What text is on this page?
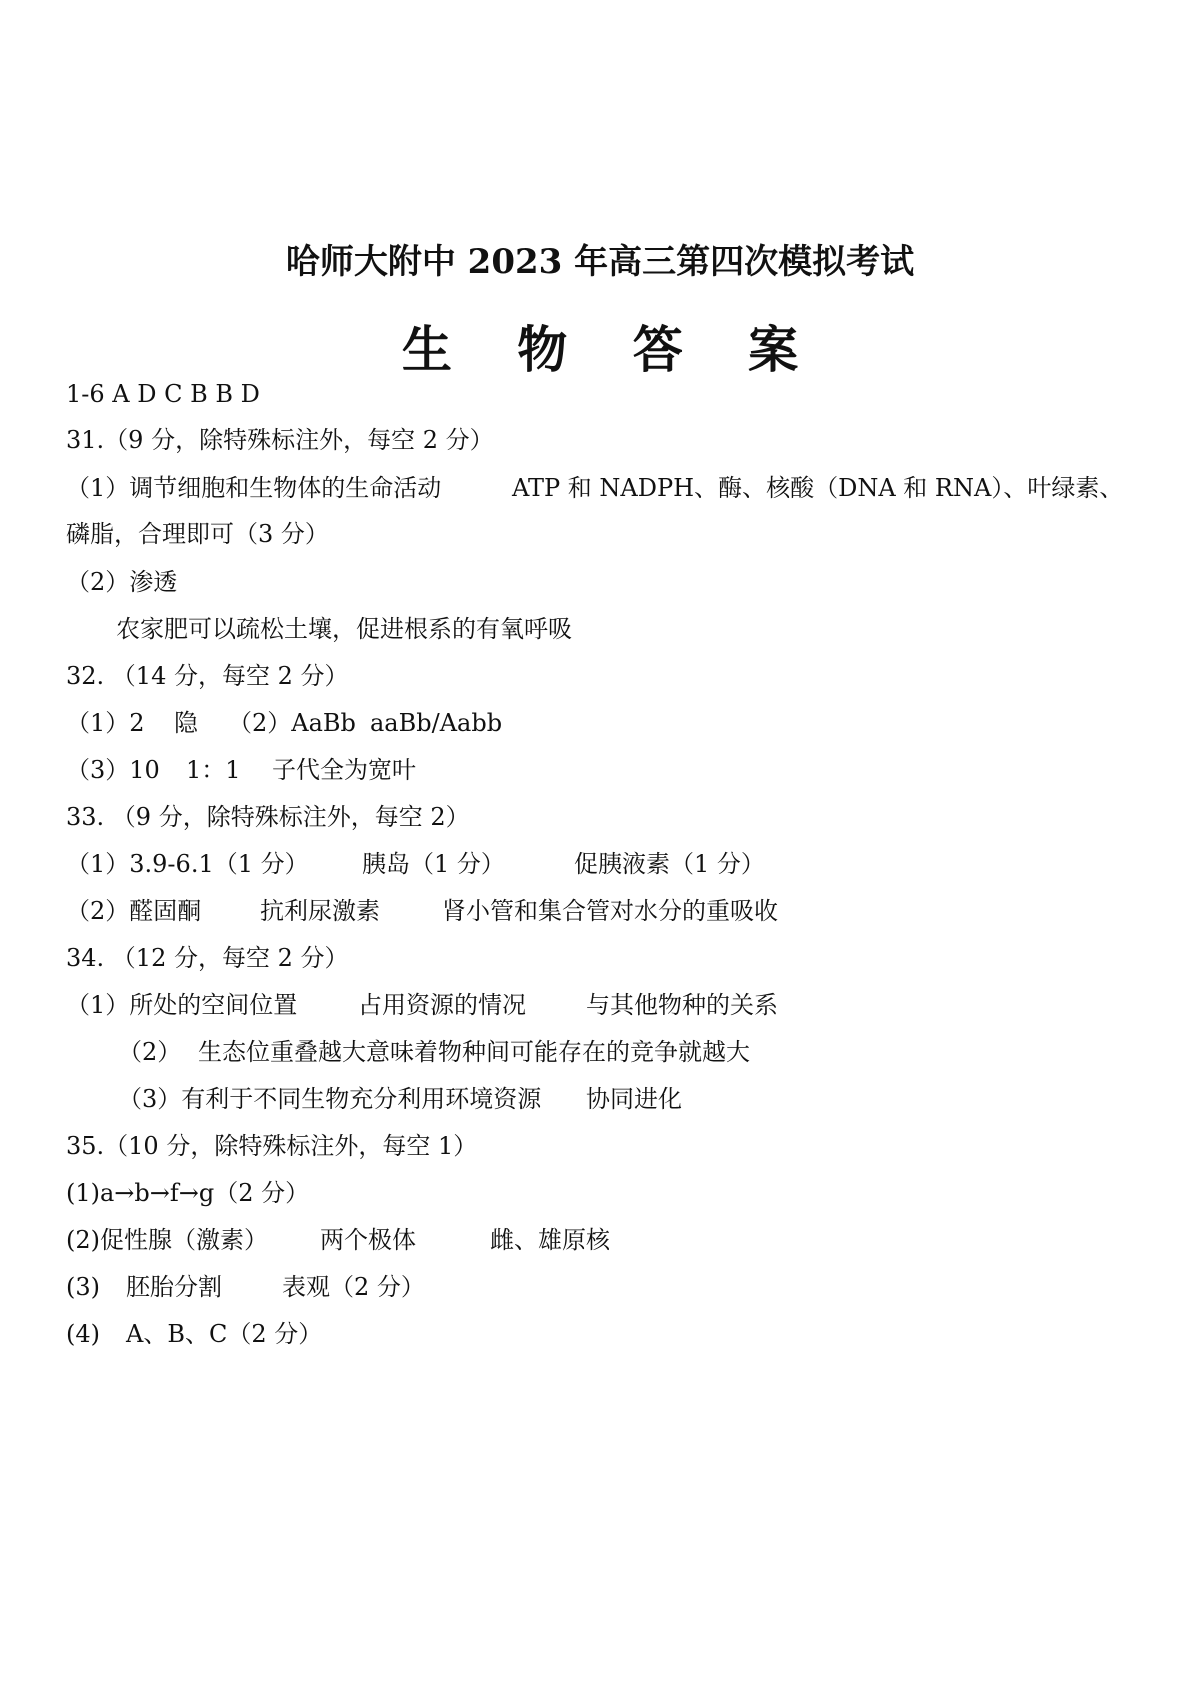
哈师大附中 2023 年高三第四次模拟考试
生 物 答 案
1-6 A D C B B D
31.（9 分，除特殊标注外，每空 2 分）
（1）调节细胞和生物体的生命活动	ATP 和 NADPH、酶、核酸（DNA 和 RNA）、叶绿素、
磷脂，合理即可（3 分）
（2）渗透
农家肥可以疏松土壤，促进根系的有氧呼吸
32. （14 分，每空 2 分）
（1）2 隐 （2）AaBb aaBb/Aabb
（3）10 1：1 子代全为宽叶
33. （9 分，除特殊标注外，每空 2）
（1）3.9-6.1（1 分） 胰岛（1 分）	促胰液素（1 分）
（2）醛固酮 抗利尿激素	肾小管和集合管对水分的重吸收
34. （12 分，每空 2 分）
（1）所处的空间位置	占用资源的情况	与其他物种的关系
（2） 生态位重叠越大意味着物种间可能存在的竞争就越大
（3）有利于不同生物充分利用环境资源 协同进化
35.（10 分，除特殊标注外，每空 1）
(1)a→b→f→g（2 分）
(2)促性腺（激素） 两个极体	雌、雄原核
(3) 胚胎分割	表观（2 分）
(4) A、B、C（2 分）
